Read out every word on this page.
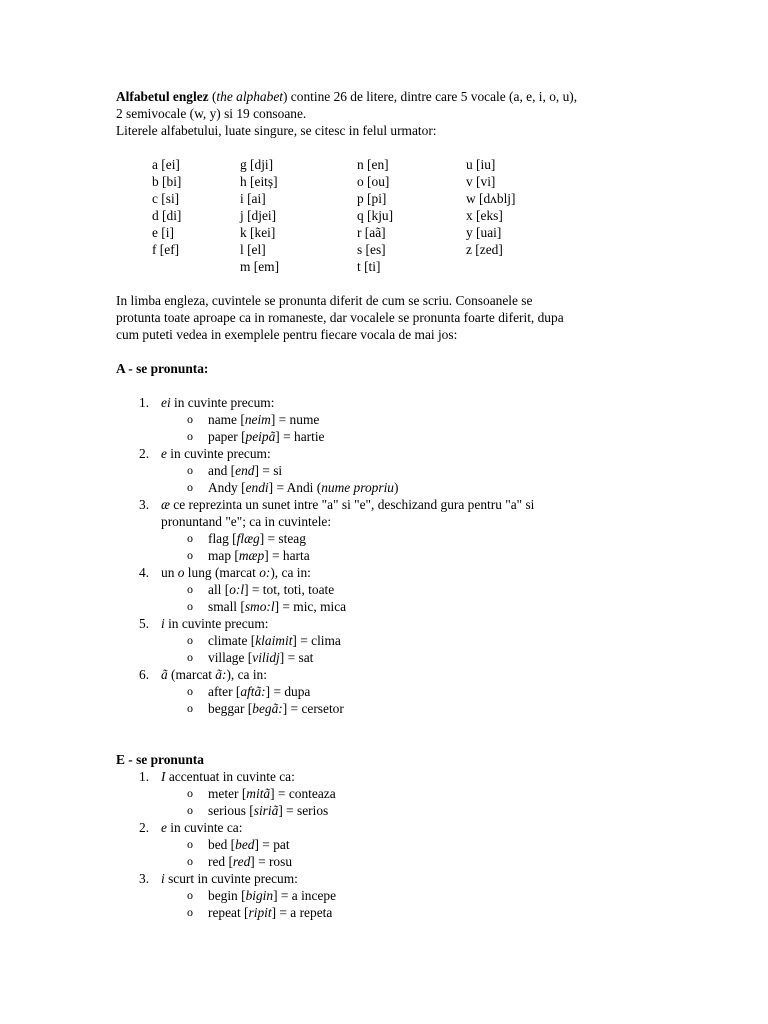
Alfabetul englez (the alphabet) contine 26 de litere, dintre care 5 vocale (a, e, i, o, u),
2 semivocale (w, y) si 19 consoane.
Literele alfabetului, luate singure, se citesc in felul urmator:

a [ei]
b [bi]
c [si]
d [di]
e [i]
f [ef]
g [dji]
h [eitș]
i [ai]
j [djei]
k [kei]
l [el]
m [em]
n [en]
o [ou]
p [pi]
q [kju]
r [aã]
s [es]
t [ti]
u [iu]
v [vi]
w [dʌblj]
x [eks]
y [uai]
z [zed]

In limba engleza, cuvintele se pronunta diferit de cum se scriu. Consoanele se
protunta toate aproape ca in romaneste, dar vocalele se pronunta foarte diferit, dupa
cum puteti vedea in exemplele pentru fiecare vocala de mai jos:

A - se pronunta:

1. ei in cuvinte precum:
o name [neim] = nume
o paper [peipã] = hartie
2. e in cuvinte precum:
o and [end] = si
o Andy [endi] = Andi (nume propriu)
3. æ ce reprezinta un sunet intre "a" si "e", deschizand gura pentru "a" si
pronuntand "e"; ca in cuvintele:
o flag [flæg] = steag
o map [mæp] = harta
4. un o lung (marcat o:), ca in:
o all [o:l] = tot, toti, toate
o small [smo:l] = mic, mica
5. i in cuvinte precum:
o climate [klaimit] = clima
o village [vilidj] = sat
6. ã (marcat ã:), ca in:
o after [aftã:] = dupa
o beggar [begã:] = cersetor

E - se pronunta

1. I accentuat in cuvinte ca:
o meter [mitã] = conteaza
o serious [siriã] = serios
2. e in cuvinte ca:
o bed [bed] = pat
o red [red] = rosu
3. i scurt in cuvinte precum:
o begin [bigin] = a incepe
o repeat [ripit] = a repeta
